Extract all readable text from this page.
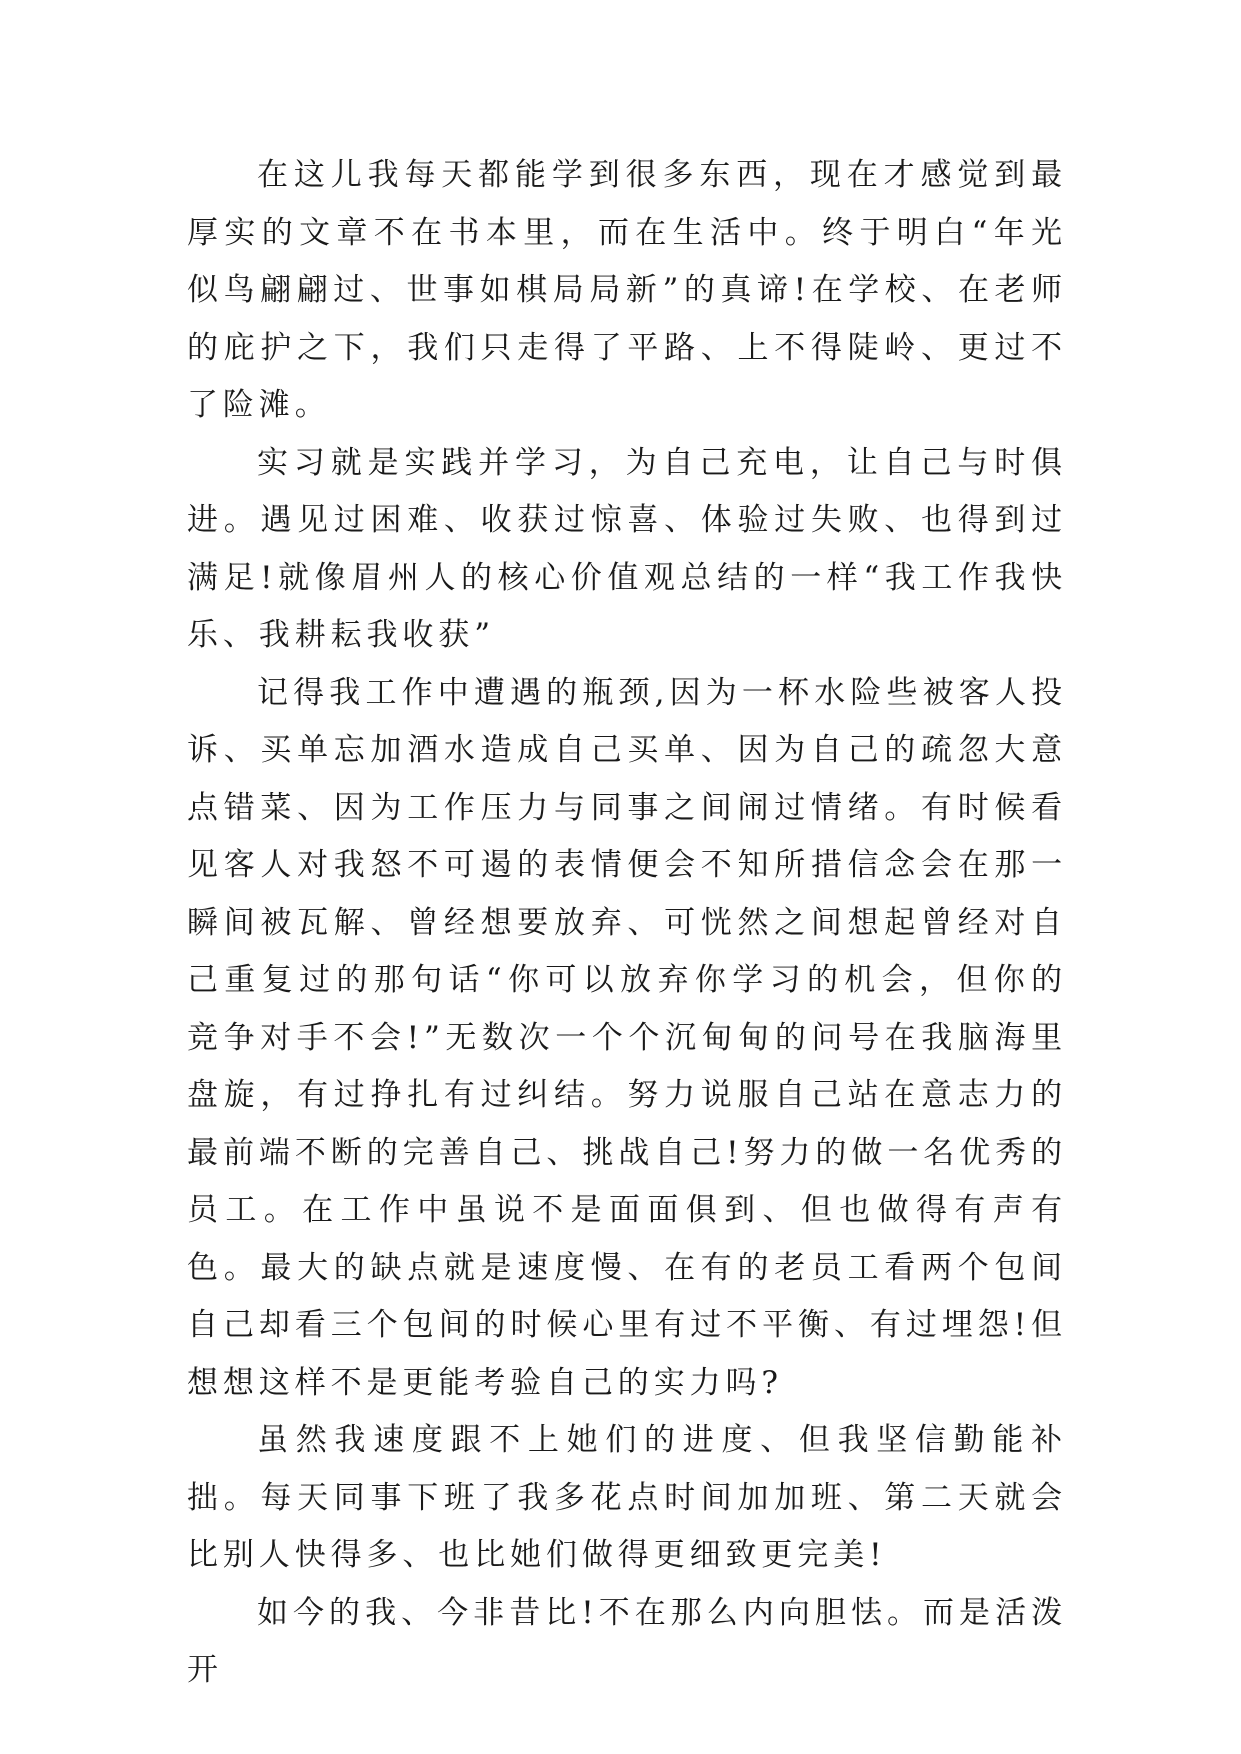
在这儿我每天都能学到很多东西，现在才感觉到最厚实的文章不在书本里，而在生活中。终于明白“年光似鸟翩翩过、世事如棋局局新”的真谛!在学校、在老师的庇护之下，我们只走得了平路、上不得陡岭、更过不了险滩。

实习就是实践并学习，为自己充电，让自己与时俱进。遇见过困难、收获过惊喜、体验过失败、也得到过满足!就像眉州人的核心价值观总结的一样“我工作我快乐、我耕耘我收获”

记得我工作中遭遇的瓶颈,因为一杯水险些被客人投诉、买单忘加酒水造成自己买单、因为自己的疏忽大意点错菜、因为工作压力与同事之间闹过情绪。有时候看见客人对我怒不可遏的表情便会不知所措信念会在那一瞬间被瓦解、曾经想要放弃、可恍然之间想起曾经对自己重复过的那句话“你可以放弃你学习的机会，但你的竞争对手不会!”无数次一个个沉甸甸的问号在我脑海里盘旋，有过挣扎有过纠结。努力说服自己站在意志力的最前端不断的完善自己、挑战自己!努力的做一名优秀的员工。在工作中虽说不是面面俱到、但也做得有声有色。最大的缺点就是速度慢、在有的老员工看两个包间自己却看三个包间的时候心里有过不平衡、有过埋怨!但想想这样不是更能考验自己的实力吗?

虽然我速度跟不上她们的进度、但我坚信勤能补拙。每天同事下班了我多花点时间加加班、第二天就会比别人快得多、也比她们做得更细致更完美!

如今的我、今非昔比!不在那么内向胆怯。而是活泼开
